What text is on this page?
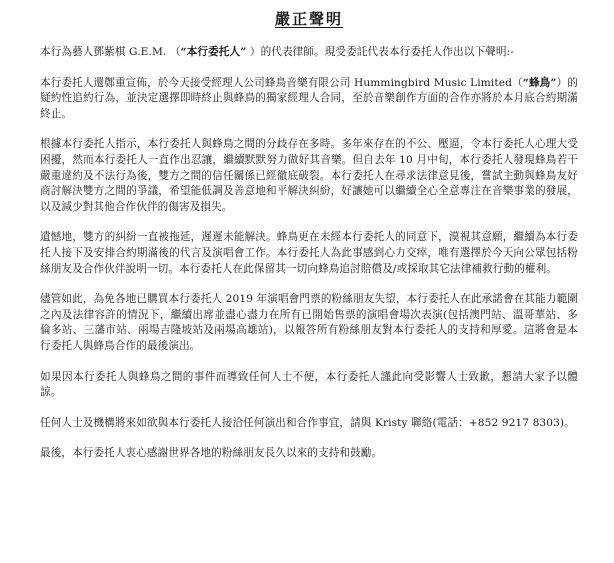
嚴正聲明

本行為藝人鄧紫棋 G.E.M. （“本行委托人” ）的代表律師。現受委託代表本行委托人作出以下聲明:-

本行委托人還鄭重宣佈，於今天接受經理人公司蜂鳥音樂有限公司 Hummingbird Music Limited（“蜂鳥”）的疑約性追約行為，並決定選擇即時終止與蜂鳥的獨家經理人合同，至於音樂創作方面的合作亦將於本月底合約期滿終止。

根據本行委托人指示，本行委托人與蜂鳥之間的分歧存在多時。多年來存在的不公、壓逼，令本行委托人心理大受困擾，然而本行委托人一直作出忍讓，繼續默默努力做好其音樂。但自去年 10 月中旬，本行委托人發現蜂鳥若干嚴重違約及不法行為後，雙方之間的信任關係已經徹底破裂。本行委托人在尋求法律意見後，嘗試主動與蜂鳥友好商討解決雙方之間的爭議，希望能低調及善意地和平解決糾紛，好讓她可以繼續全心全意專注在音樂事業的發展，以及減少對其他合作伙伴的傷害及損失。

遺憾地，雙方的糾紛一直被拖延，遲遲未能解決。蜂鳥更在未經本行委托人的同意下，漠視其意願，繼續為本行委托人接下及安排合約期滿後的代言及演唱會工作。本行委托人為此事感到心力交瘁，唯有選擇於今天向公眾包括粉絲朋友及合作伙伴說明一切。本行委托人在此保留其一切向蜂鳥追討賠償及/或採取其它法律補救行動的權利。

儘管如此，為免各地已購買本行委托人 2019 年演唱會門票的粉絲朋友失望，本行委托人在此承諾會在其能力範圍之內及法律容許的情況下，繼續出席並盡心盡力在所有已開始售票的演唱會場次表演(包括澳門站、溫哥華站、多倫多站、三藩市站、兩場吉隆坡站及兩場高雄站)，以報答所有粉絲朋友對本行委托人的支持和厚愛。這將會是本行委托人與蜂鳥合作的最後演出。

如果因本行委托人與蜂鳥之間的事件而導致任何人士不便，本行委托人謹此向受影響人士致歉，懇請大家予以體諒。

任何人士及機構將來如欲與本行委托人接洽任何演出和合作事宜，請與 Kristy 聯絡(電話：+852 9217 8303)。

最後，本行委托人衷心感謝世界各地的粉絲朋友長久以來的支持和鼓勵。
